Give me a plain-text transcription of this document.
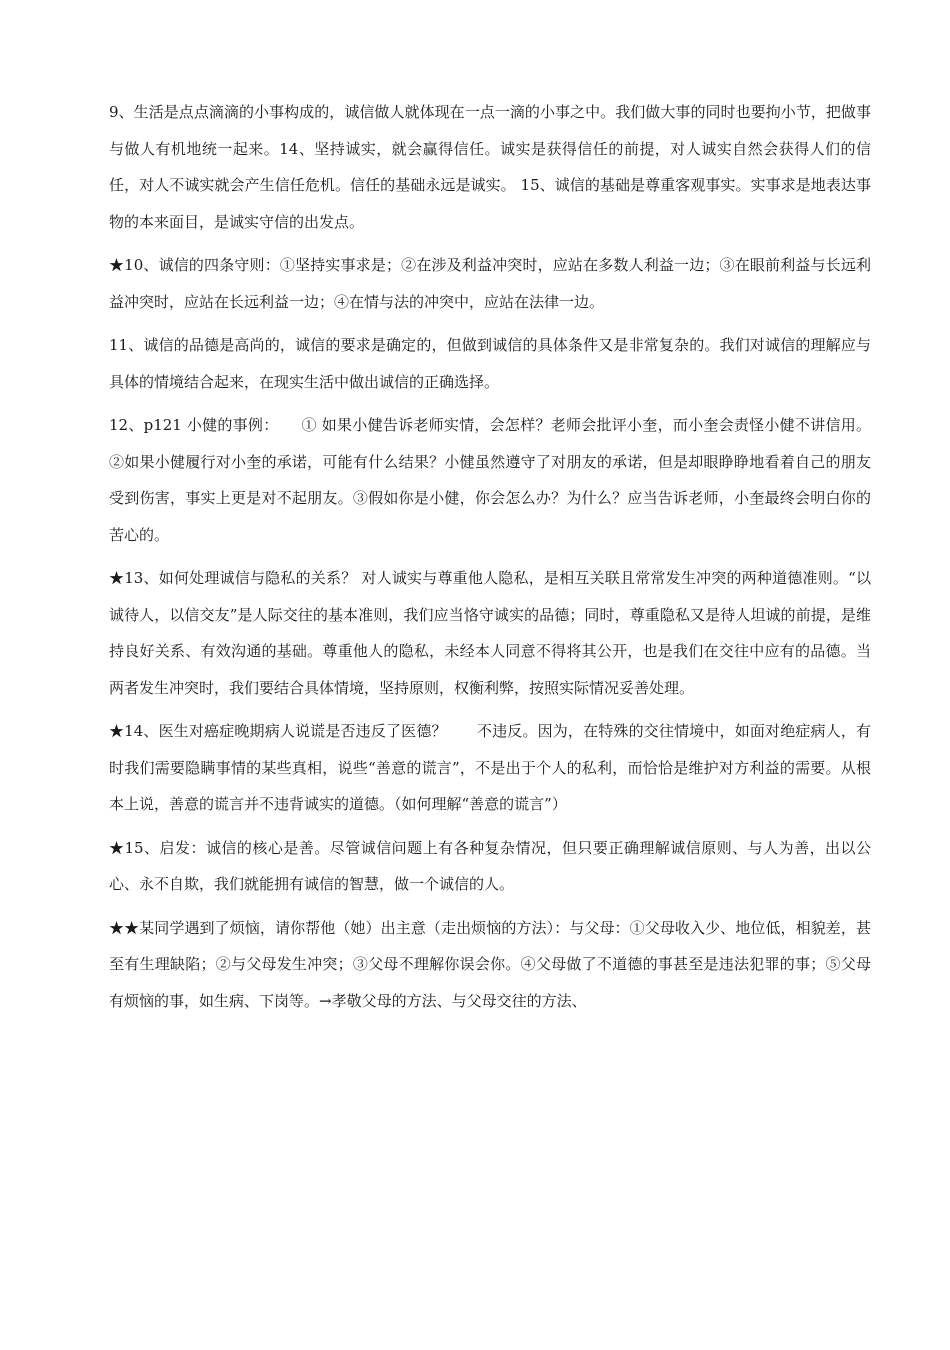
9、生活是点点滴滴的小事构成的，诚信做人就体现在一点一滴的小事之中。我们做大事的同时也要拘小节，把做事与做人有机地统一起来。14、坚持诚实，就会赢得信任。诚实是获得信任的前提，对人诚实自然会获得人们的信任，对人不诚实就会产生信任危机。信任的基础永远是诚实。 15、诚信的基础是尊重客观事实。实事求是地表达事物的本来面目，是诚实守信的出发点。

★10、诚信的四条守则：①坚持实事求是；②在涉及利益冲突时，应站在多数人利益一边；③在眼前利益与长远利益冲突时，应站在长远利益一边；④在情与法的冲突中，应站在法律一边。

11、诚信的品德是高尚的，诚信的要求是确定的，但做到诚信的具体条件又是非常复杂的。我们对诚信的理解应与具体的情境结合起来，在现实生活中做出诚信的正确选择。

12、p121 小健的事例：　　① 如果小健告诉老师实情，会怎样？老师会批评小奎，而小奎会责怪小健不讲信用。②如果小健履行对小奎的承诺，可能有什么结果？小健虽然遵守了对朋友的承诺，但是却眼睁睁地看着自己的朋友受到伤害，事实上更是对不起朋友。③假如你是小健，你会怎么办？为什么？应当告诉老师，小奎最终会明白你的苦心的。

★13、如何处理诚信与隐私的关系？ 对人诚实与尊重他人隐私，是相互关联且常常发生冲突的两种道德准则。“以诚待人，以信交友”是人际交往的基本准则，我们应当恪守诚实的品德；同时，尊重隐私又是待人坦诚的前提，是维持良好关系、有效沟通的基础。尊重他人的隐私，未经本人同意不得将其公开，也是我们在交往中应有的品德。当两者发生冲突时，我们要结合具体情境，坚持原则，权衡利弊，按照实际情况妥善处理。

★14、医生对癌症晚期病人说谎是否违反了医德？　　不违反。因为，在特殊的交往情境中，如面对绝症病人，有时我们需要隐瞒事情的某些真相，说些“善意的谎言”，不是出于个人的私利，而恰恰是维护对方利益的需要。从根本上说，善意的谎言并不违背诚实的道德。（如何理解“善意的谎言”）

★15、启发：诚信的核心是善。尽管诚信问题上有各种复杂情况，但只要正确理解诚信原则、与人为善，出以公心、永不自欺，我们就能拥有诚信的智慧，做一个诚信的人。

★★某同学遇到了烦恼，请你帮他（她）出主意（走出烦恼的方法）：与父母：①父母收入少、地位低，相貌差，甚至有生理缺陷；②与父母发生冲突；③父母不理解你误会你。④父母做了不道德的事甚至是违法犯罪的事；⑤父母有烦恼的事，如生病、下岗等。→孝敬父母的方法、与父母交往的方法、
